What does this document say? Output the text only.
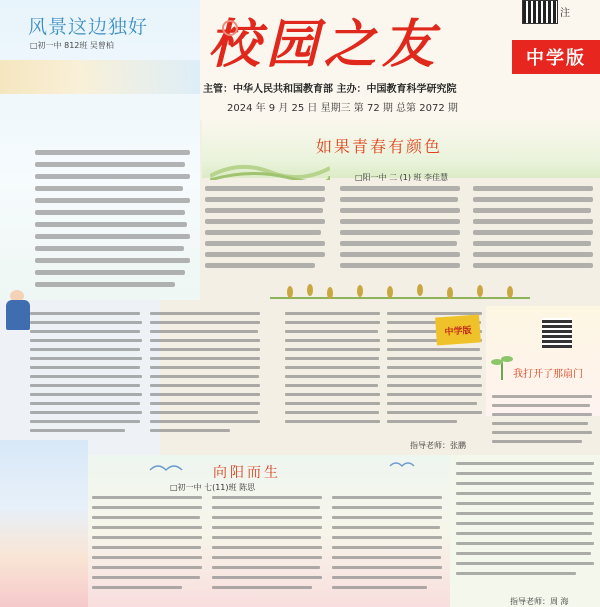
风景这边独好
□初一中 812班 吴曾柏 校园之友
注
中学版
主管：中华人民共和国教育部 主办：中国教育科学研究院
2024 年 9 月 25 日 星期三 第 72 期 总第 2072 期
如果青春有颜色
□阳一中 二 (1) 班 李佳慧
指导老师：张鹏
中学版
我打开了那扇门
向阳而生
□初一中 七(11)班 陈思
指导老师：周 海
